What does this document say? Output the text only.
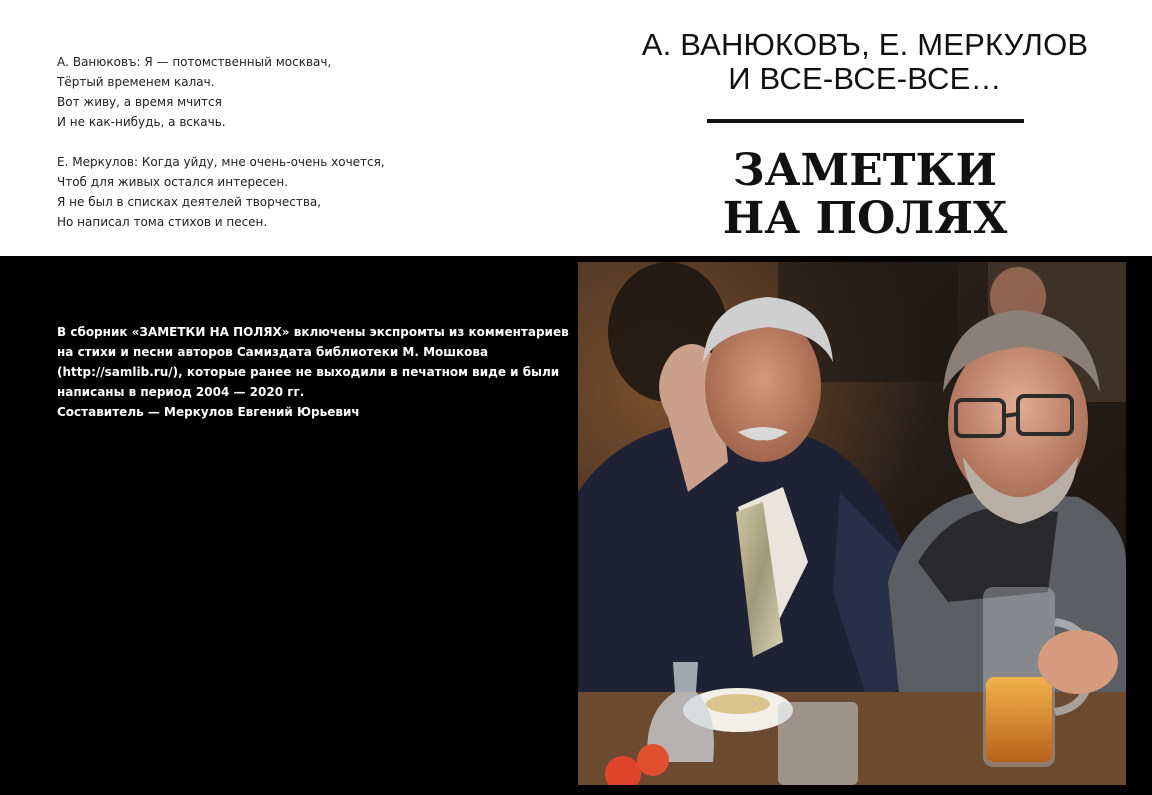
А. Ванюковъ: Я — потомственный москвач,
Тёртый временем калач.
Вот живу, а время мчится
И не как-нибудь, а вскачь.

Е. Меркулов: Когда уйду, мне очень-очень хочется,
Чтоб для живых остался интересен.
Я не был в списках деятелей творчества,
Но написал тома стихов и песен.

А. ВАНЮКОВЪ, Е. МЕРКУЛОВ
И ВСЕ-ВСЕ-ВСЕ…
ЗАМЕТКИ
НА ПОЛЯХ
В сборник «ЗАМЕТКИ НА ПОЛЯХ» включены экспромты из комментариев
на стихи и песни авторов Самиздата библиотеки М. Мошкова
(http://samlib.ru/), которые ранее не выходили в печатном виде и были
написаны в период 2004 — 2020 гг.
Составитель — Меркулов Евгений Юрьевич
